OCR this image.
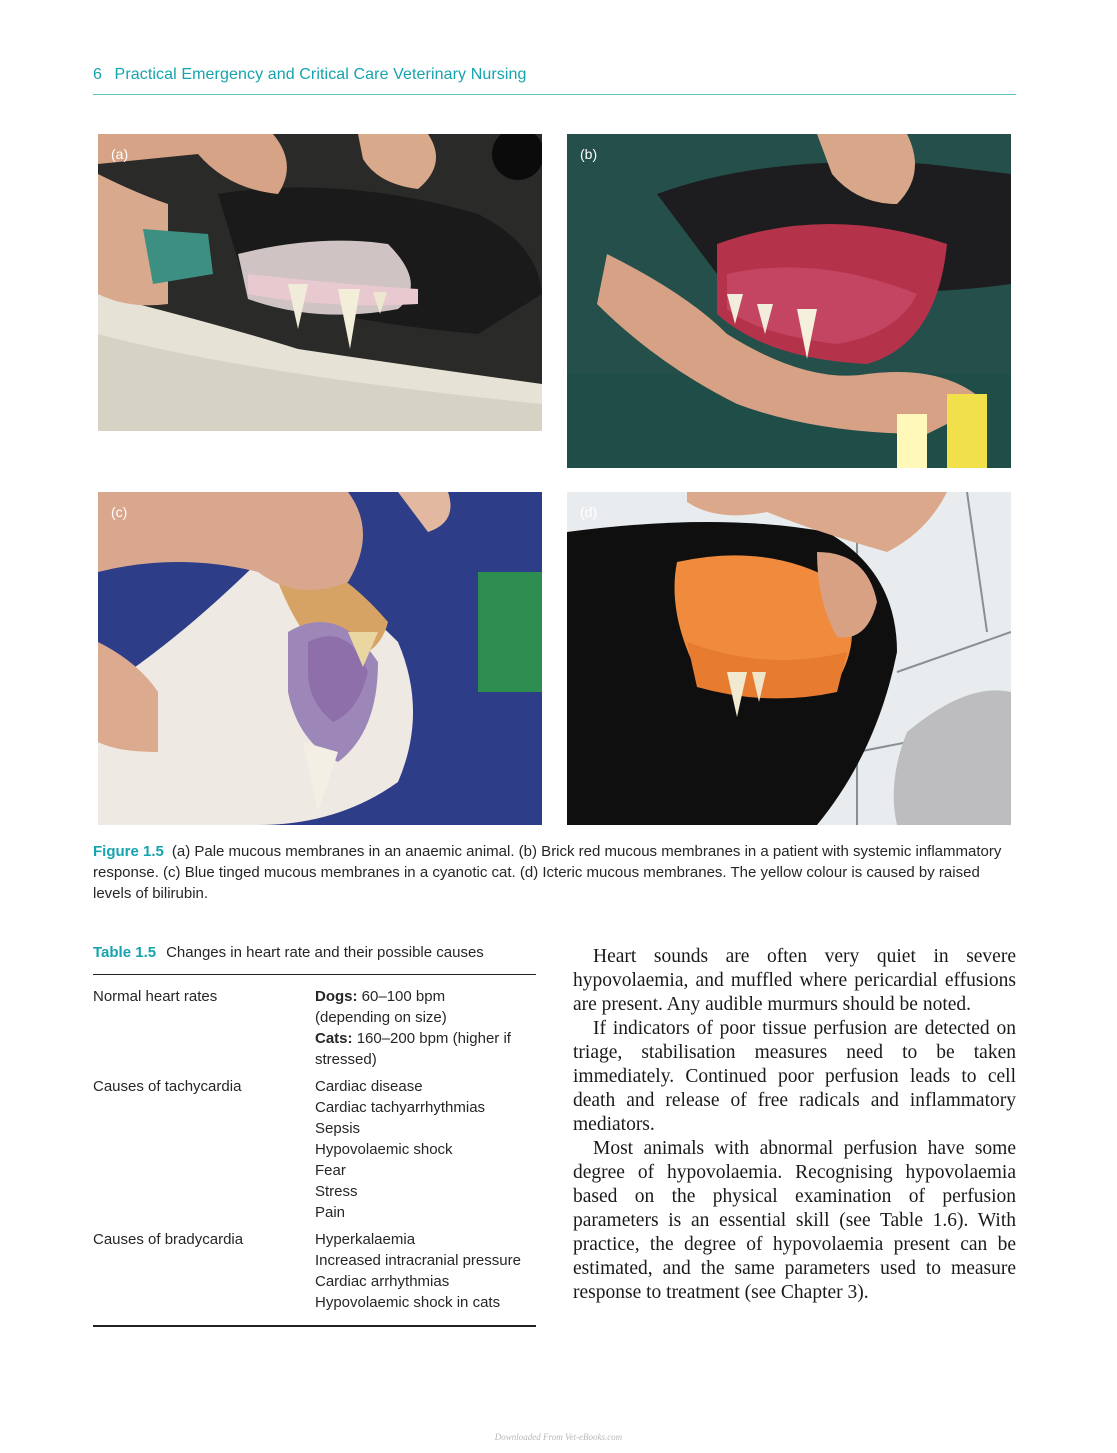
6 Practical Emergency and Critical Care Veterinary Nursing
(a)	(b)
(c)	(d)
Figure 1.5 (a) Pale mucous membranes in an anaemic animal. (b) Brick red mucous membranes in a patient with systemic inflammatory response. (c) Blue tinged mucous membranes in a cyanotic cat. (d) Icteric mucous membranes. The yellow colour is caused by raised levels of bilirubin.
Table 1.5 Changes in heart rate and their possible causes
Normal heart rates	Dogs: 60–100 bpm
(depending on size)
Cats: 160–200 bpm (higher if
stressed)
Causes of tachycardia	Cardiac disease
Cardiac tachyarrhythmias
Sepsis
Hypovolaemic shock
Fear
Stress
Pain
Causes of bradycardia	Hyperkalaemia
Increased intracranial pressure
Cardiac arrhythmias
Hypovolaemic shock in cats

Heart sounds are often very quiet in severe hypovolaemia, and muffled where pericardial effusions are present. Any audible murmurs should be noted.

If indicators of poor tissue perfusion are detected on triage, stabilisation measures need to be taken immediately. Continued poor perfusion leads to cell death and release of free radicals and inflammatory mediators.

Most animals with abnormal perfusion have some degree of hypovolaemia. Recognising hypovolaemia based on the physical examination of perfusion parameters is an essential skill (see Table 1.6). With practice, the degree of hypovolaemia present can be estimated, and the same parameters used to measure response to treatment (see Chapter 3).

Downloaded From Vet-eBooks.com
